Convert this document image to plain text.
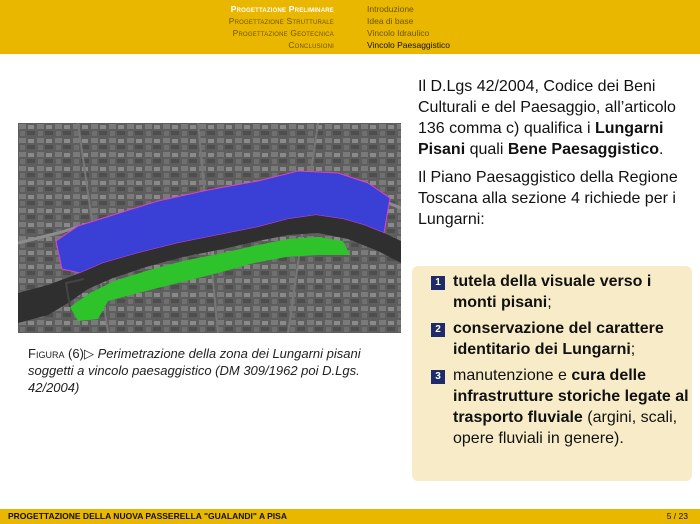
Progettazione Preliminare
Progettazione Strutturale
Progettazione Geotecnica
Conclusioni
Introduzione
Idea di base
Vincolo Idraulico
Vincolo Paesaggistico
Figura (6)▷ Perimetrazione della zona dei Lungarni pisani soggetti a vincolo paesaggistico (DM 309/1962 poi D.Lgs. 42/2004)

Il D.Lgs 42/2004, Codice dei Beni Culturali e del Paesaggio, all’articolo 136 comma c) qualifica i Lungarni Pisani quali Bene Paesaggistico.

Il Piano Paesaggistico della Regione Toscana alla sezione 4 richiede per i Lungarni:

1 tutela della visuale verso i monti pisani;
2 conservazione del carattere identitario dei Lungarni;
3 manutenzione e cura delle infrastrutture storiche legate al trasporto fluviale (argini, scali, opere fluviali in genere).
PROGETTAZIONE DELLA NUOVA PASSERELLA "GUALANDI" A PISA	5 / 23
